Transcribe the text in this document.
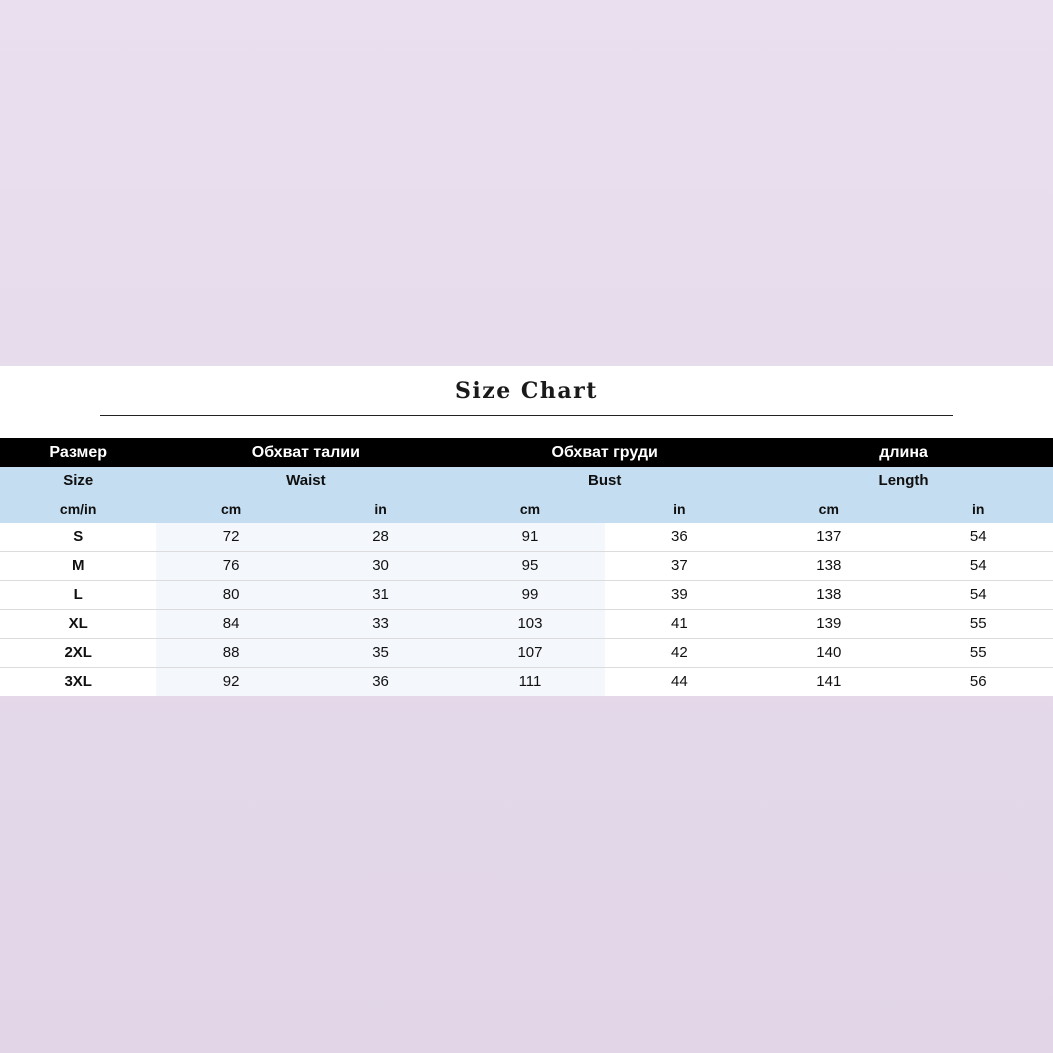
Size Chart
Размер	Обхват талии		Обхват груди		длина	
Size	Waist		Bust		Length	
cm/in	cm	in	cm	in	cm	in
S	72	28	91	36	137	54
M	76	30	95	37	138	54
L	80	31	99	39	138	54
XL	84	33	103	41	139	55
2XL	88	35	107	42	140	55
3XL	92	36	111	44	141	56
